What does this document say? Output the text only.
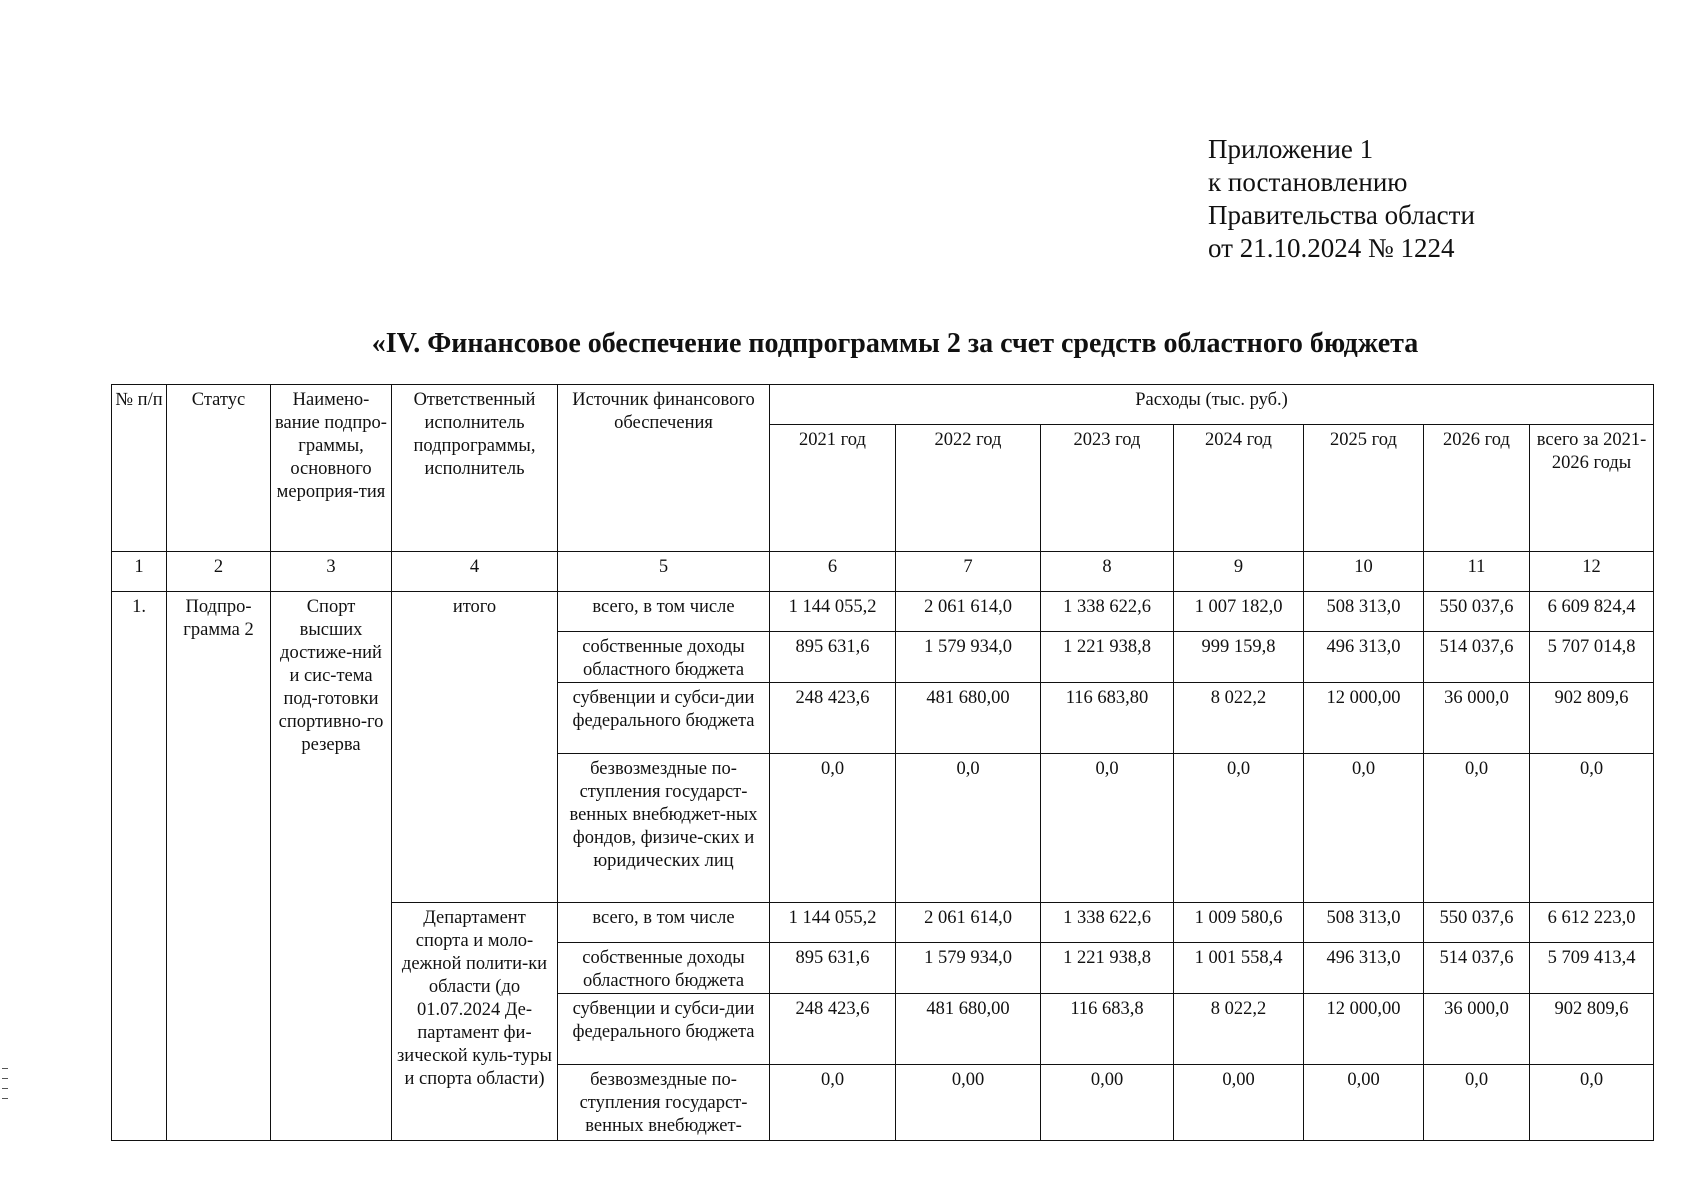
Приложение 1
к постановлению
Правительства области
от 21.10.2024 № 1224
«IV. Финансовое обеспечение подпрограммы 2 за счет средств областного бюджета
№ п/п	Статус	Наимено-вание подпро-граммы, основного мероприя-тия	Ответственный исполнитель подпрограммы, исполнитель	Источник финансового обеспечения	Расходы (тыс. руб.)						
					2021 год	2022 год	2023 год	2024 год	2025 год	2026 год	всего за 2021-2026 годы
1	2	3	4	5	6	7	8	9	10	11	12
1.	Подпро-грамма 2	Спорт высших достиже-ний и сис-тема под-готовки спортивно-го резерва	итого	всего, в том числе	1 144 055,2	2 061 614,0	1 338 622,6	1 007 182,0	508 313,0	550 037,6	6 609 824,4
				собственные доходы областного бюджета	895 631,6	1 579 934,0	1 221 938,8	999 159,8	496 313,0	514 037,6	5 707 014,8
				субвенции и субси-дии федерального бюджета	248 423,6	481 680,00	116 683,80	8 022,2	12 000,00	36 000,0	902 809,6
				безвозмездные по-ступления государст-венных внебюджет-ных фондов, физиче-ских и юридических лиц	0,0	0,0	0,0	0,0	0,0	0,0	0,0
			Департамент спорта и моло-дежной полити-ки области (до 01.07.2024 Де-партамент фи-зической куль-туры и спорта области)	всего, в том числе	1 144 055,2	2 061 614,0	1 338 622,6	1 009 580,6	508 313,0	550 037,6	6 612 223,0
				собственные доходы областного бюджета	895 631,6	1 579 934,0	1 221 938,8	1 001 558,4	496 313,0	514 037,6	5 709 413,4
				субвенции и субси-дии федерального бюджета	248 423,6	481 680,00	116 683,8	8 022,2	12 000,00	36 000,0	902 809,6
				безвозмездные по-ступления государст-венных внебюджет-	0,0	0,00	0,00	0,00	0,00	0,0	0,0
